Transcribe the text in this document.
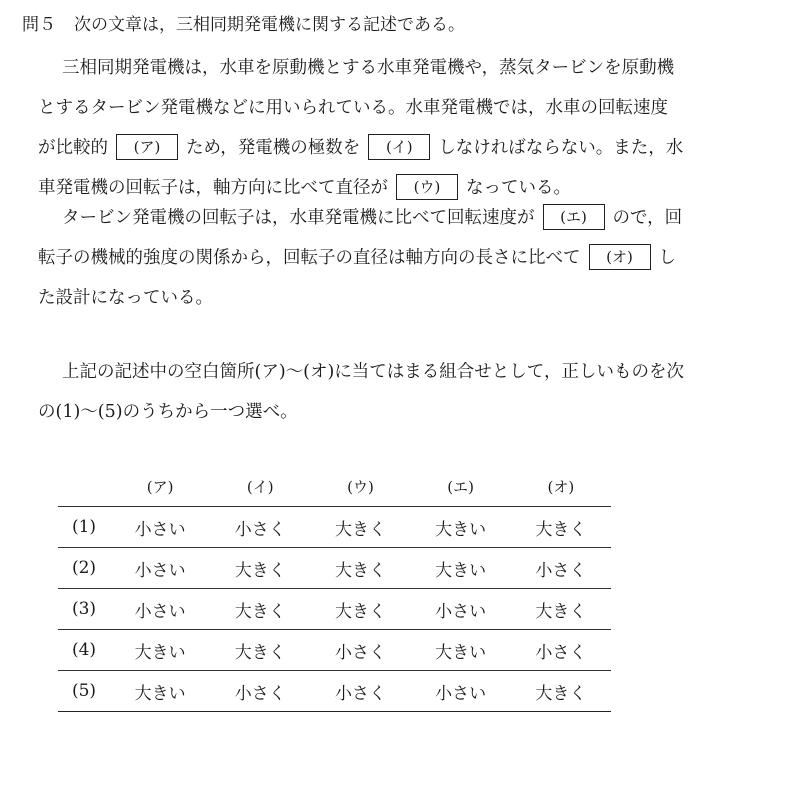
問５ 次の文章は，三相同期発電機に関する記述である。
三相同期発電機は，水車を原動機とする水車発電機や，蒸気タービンを原動機
とするタービン発電機などに用いられている。水車発電機では，水車の回転速度
が比較的 (ア) ため，発電機の極数を (イ) しなければならない。また，水
車発電機の回転子は，軸方向に比べて直径が (ウ) なっている。
タービン発電機の回転子は，水車発電機に比べて回転速度が (エ) ので，回
転子の機械的強度の関係から，回転子の直径は軸方向の長さに比べて (オ) し
た設計になっている。
上記の記述中の空白箇所(ア)～(オ)に当てはまる組合せとして，正しいものを次
の(1)～(5)のうちから一つ選べ。
	(ア)	(イ)	(ウ)	(エ)	(オ)
(1)	小さい	小さく	大きく	大きい	大きく
(2)	小さい	大きく	大きく	大きい	小さく
(3)	小さい	大きく	大きく	小さい	大きく
(4)	大きい	大きく	小さく	大きい	小さく
(5)	大きい	小さく	小さく	小さい	大きく
